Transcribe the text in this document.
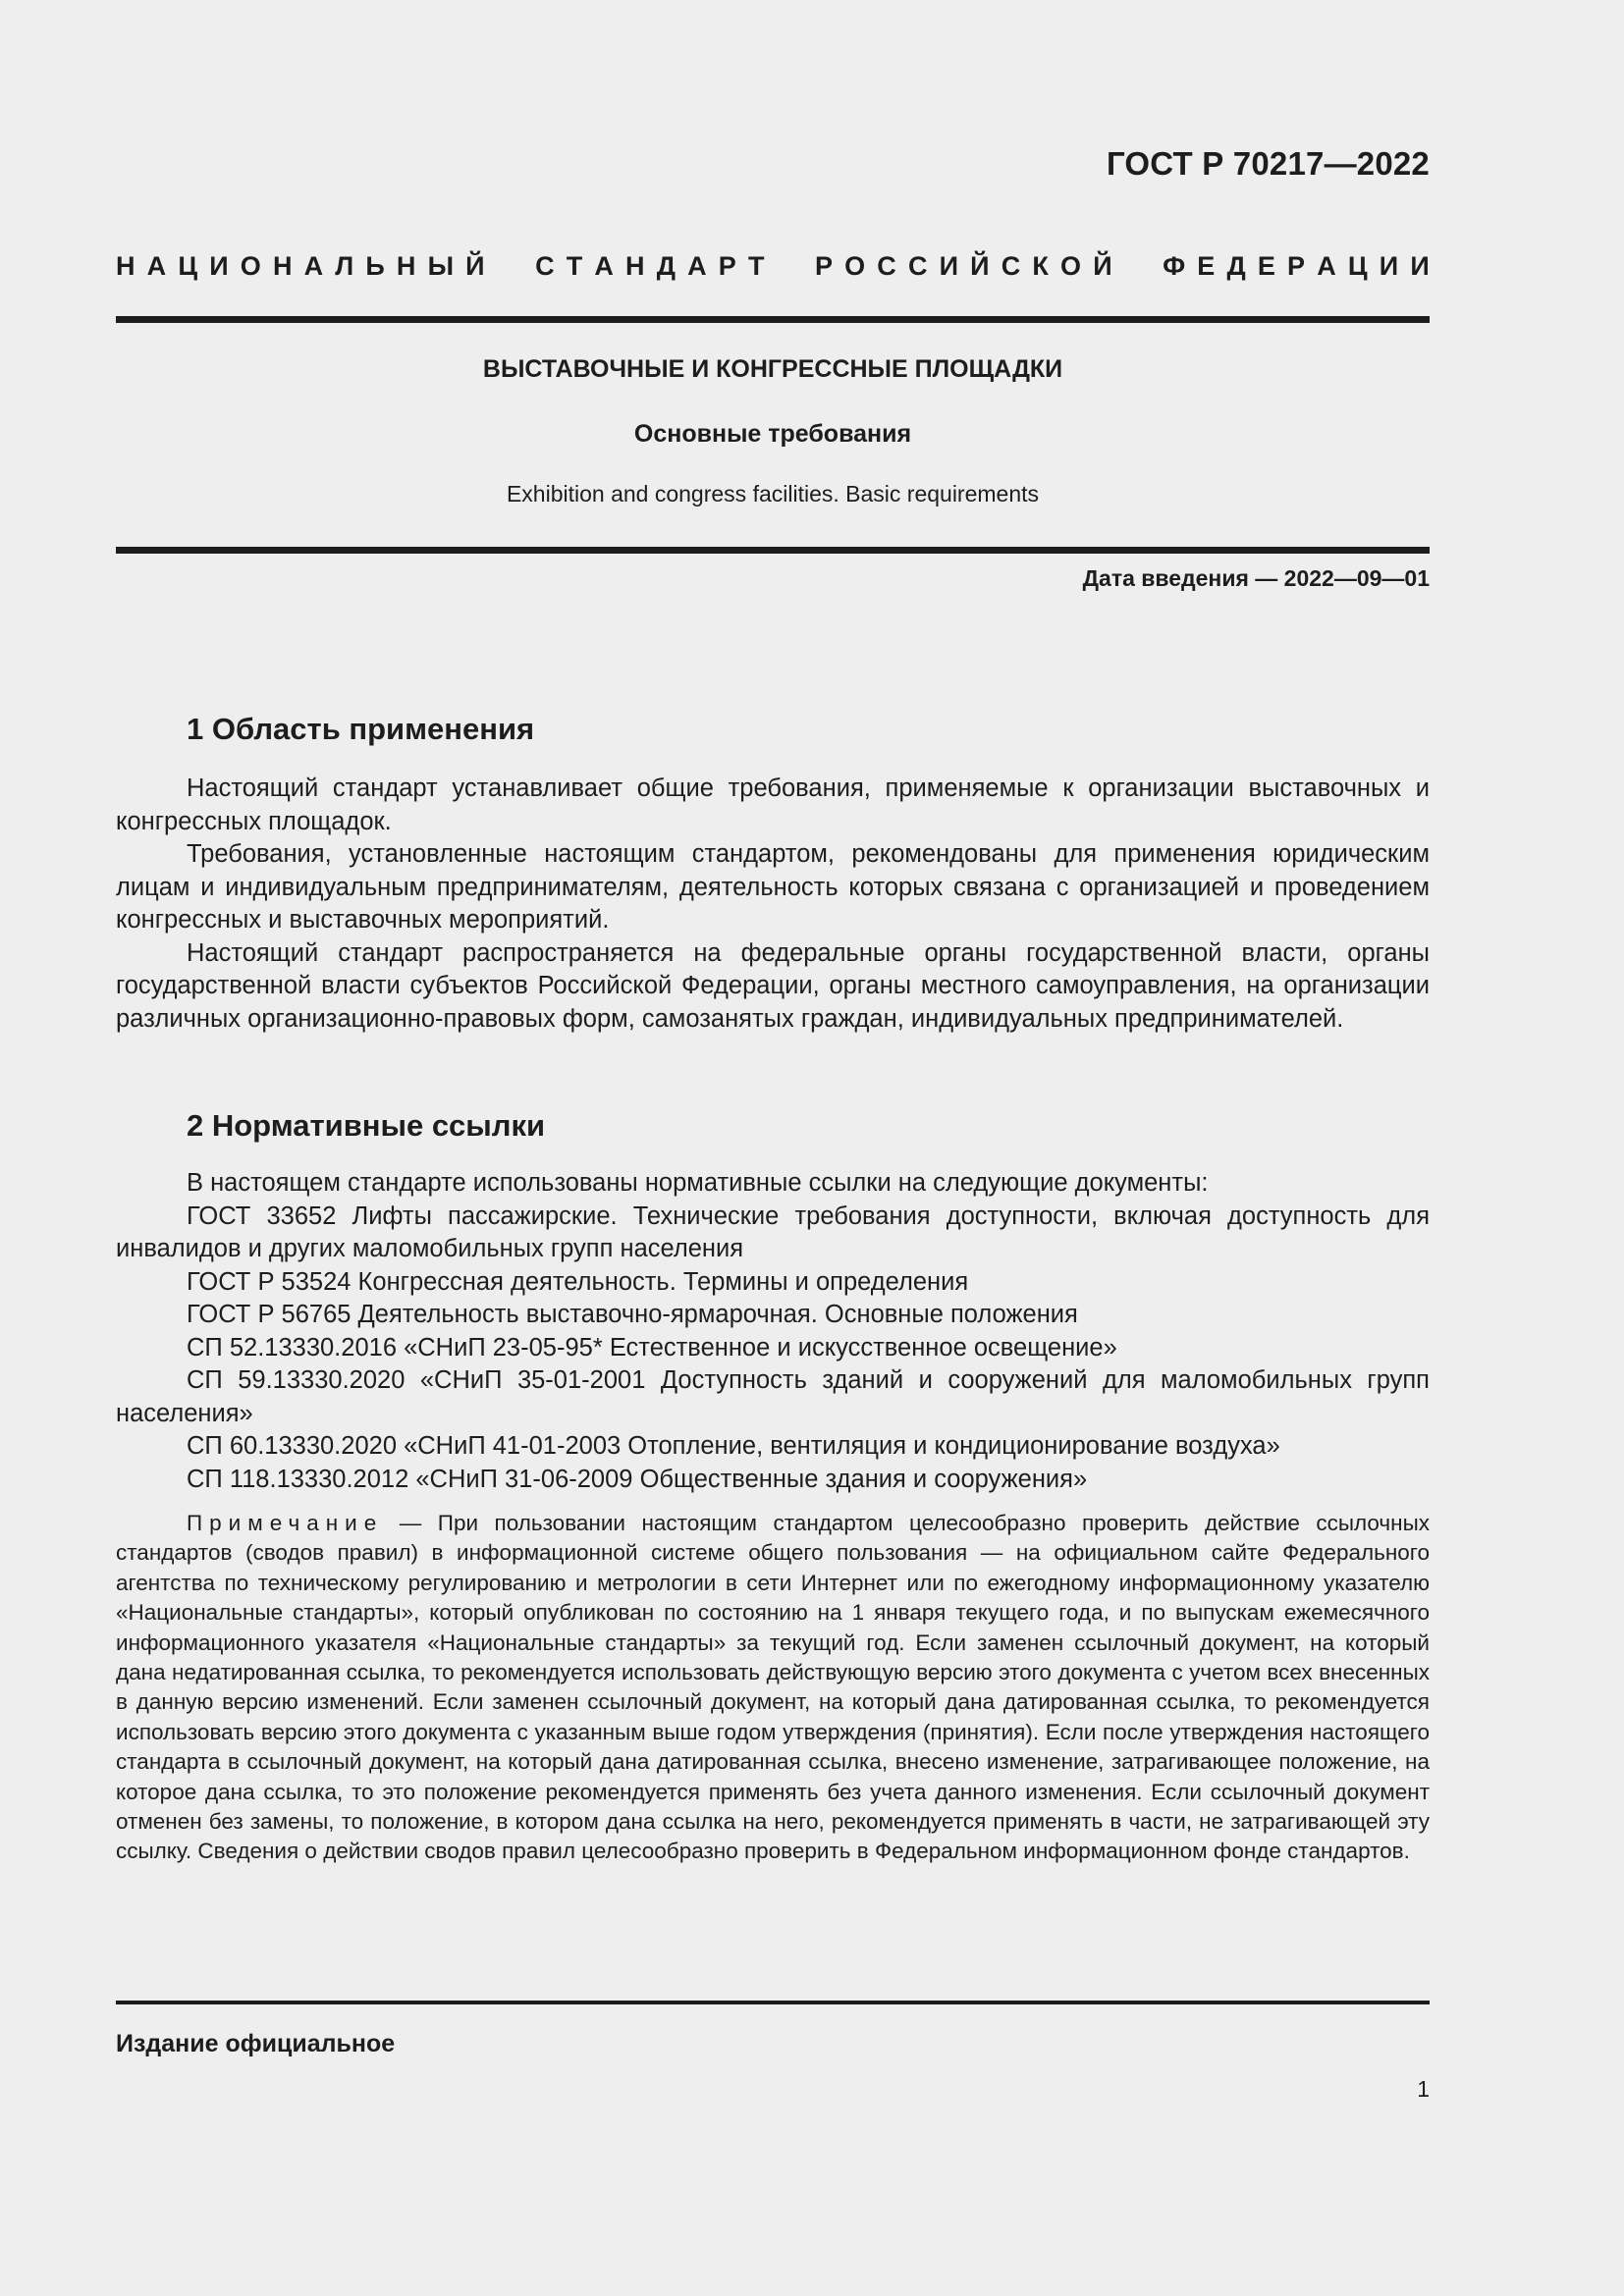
ГОСТ Р 70217—2022
Н А Ц И О Н А Л Ь Н Ы Й

С Т А Н Д А Р Т

Р О С С И Й С К О Й

Ф Е Д Е Р А Ц И И
ВЫСТАВОЧНЫЕ И КОНГРЕССНЫЕ ПЛОЩАДКИ
Основные требования
Exhibition and congress facilities. Basic requirements
Дата введения — 2022—09—01
1 Область применения

Настоящий стандарт устанавливает общие требования, применяемые к организации выставочных и конгрессных площадок.

Требования, установленные настоящим стандартом, рекомендованы для применения юридическим лицам и индивидуальным предпринимателям, деятельность которых связана с организацией и проведением конгрессных и выставочных мероприятий.

Настоящий стандарт распространяется на федеральные органы государственной власти, органы государственной власти субъектов Российской Федерации, органы местного самоуправления, на организации различных организационно-правовых форм, самозанятых граждан, индивидуальных предпринимателей.

2 Нормативные ссылки

В настоящем стандарте использованы нормативные ссылки на следующие документы:

ГОСТ 33652 Лифты пассажирские. Технические требования доступности, включая доступность для инвалидов и других маломобильных групп населения

ГОСТ Р 53524 Конгрессная деятельность. Термины и определения

ГОСТ Р 56765 Деятельность выставочно-ярмарочная. Основные положения

СП 52.13330.2016 «СНиП 23-05-95* Естественное и искусственное освещение»

СП 59.13330.2020 «СНиП 35-01-2001 Доступность зданий и сооружений для маломобильных групп населения»

СП 60.13330.2020 «СНиП 41-01-2003 Отопление, вентиляция и кондиционирование воздуха»

СП 118.13330.2012 «СНиП 31-06-2009 Общественные здания и сооружения»

Примечание — При пользовании настоящим стандартом целесообразно проверить действие ссылочных стандартов (сводов правил) в информационной системе общего пользования — на официальном сайте Федерального агентства по техническому регулированию и метрологии в сети Интернет или по ежегодному информационному указателю «Национальные стандарты», который опубликован по состоянию на 1 января текущего года, и по выпускам ежемесячного информационного указателя «Национальные стандарты» за текущий год. Если заменен ссылочный документ, на который дана недатированная ссылка, то рекомендуется использовать действующую версию этого документа с учетом всех внесенных в данную версию изменений. Если заменен ссылочный документ, на который дана датированная ссылка, то рекомендуется использовать версию этого документа с указанным выше годом утверждения (принятия). Если после утверждения настоящего стандарта в ссылочный документ, на который дана датированная ссылка, внесено изменение, затрагивающее положение, на которое дана ссылка, то это положение рекомендуется применять без учета данного изменения. Если ссылочный документ отменен без замены, то положение, в котором дана ссылка на него, рекомендуется применять в части, не затрагивающей эту ссылку. Сведения о действии сводов правил целесообразно проверить в Федеральном информационном фонде стандартов.
Издание официальное
1
